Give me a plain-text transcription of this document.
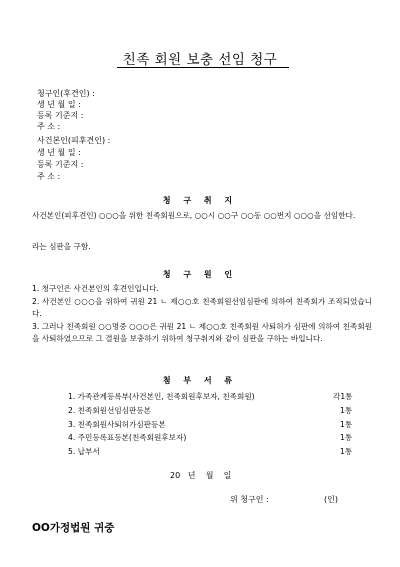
친족 회원 보충 선임 청구
청구인(후견인) :
생 년 월 일 :
등록 기준지 :
주 소 :
사건본인(피후견인) :
생 년 월 일 :
등록 기준지 :
주 소 :
청 구 취 지
사건본인(피후견인) ○○○을 위한 친족회원으로, ○○시 ○○구 ○○동 ○○번지 ○○○을 선임한다.
라는 심판을 구함.
청 구 원 인
1. 청구인은 사건본인의 후견인입니다.
2. 사건본인 ○○○을 위하여 귀원 21 ㄴ 제○○호 친족회원선임심판에 의하여 친족회가 조직되었습니다.
3. 그러나 친족회원 ○○명중 ○○○은 귀원 21 ㄴ 제○○호 친족회원 사퇴허가 심판에 의하여 친족회원을 사퇴하였으므로 그 결원을 보충하기 위하여 청구취지와 같이 심판을 구하는 바입니다.
첨 부 서 류
1. 가족관계등록부(사건본인, 친족회원후보자, 친족회원)	각1통
2. 친족회원선임심판등본	1통
3. 친족회원사퇴허가심판등본	1통
4. 주민등록표등본(친족회원후보자)	1통
5. 납부서	1통
20   년    월    일
위 청구인 :	(인)
OO가정법원 귀중
